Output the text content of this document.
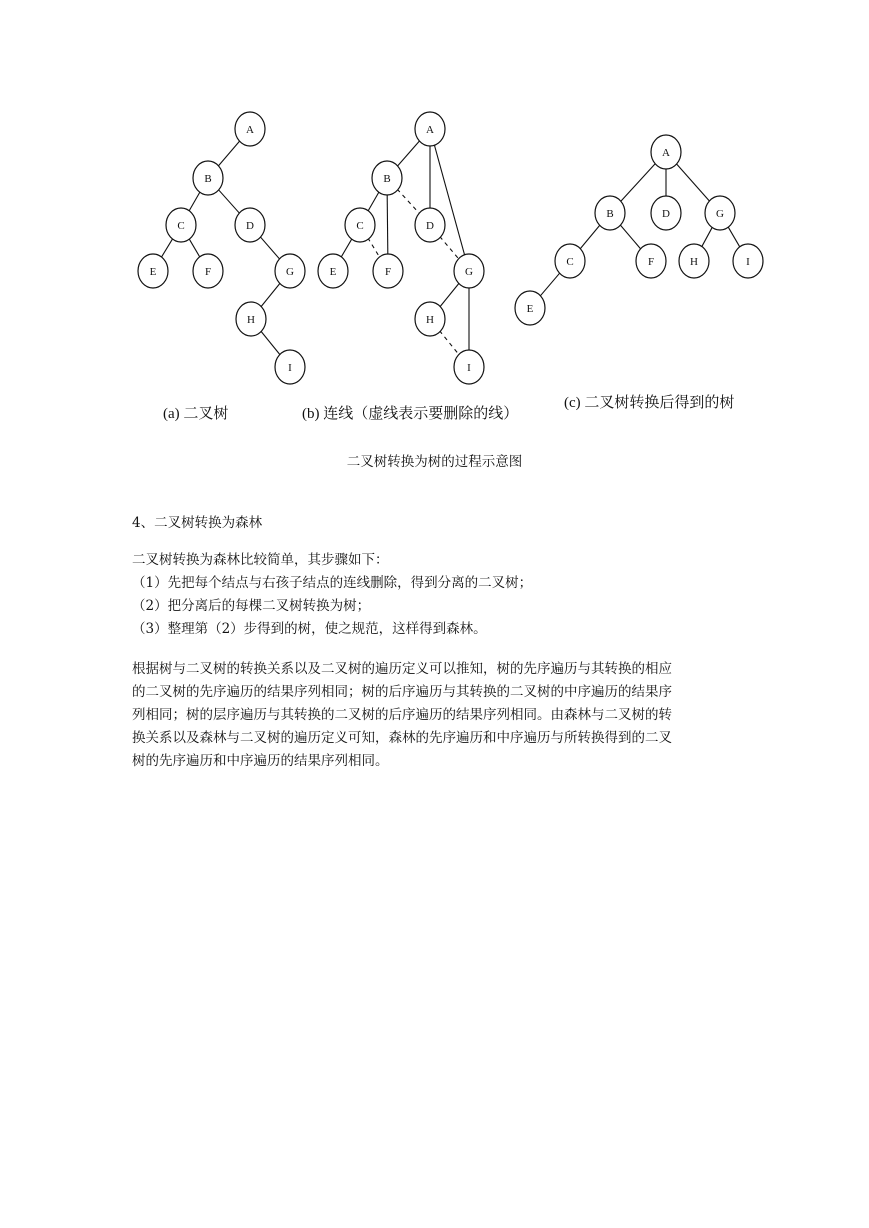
A
B
C	D
E	F	G
H
I
A
B
C	D
E	F	G
H
I
A
B	D	G
C	F	H	I
E
(a) 二叉树	(b) 连线（虚线表示要删除的线）
(c) 二叉树转换后得到的树
二叉树转换为树的过程示意图
4、二叉树转换为森林
二叉树转换为森林比较简单，其步骤如下：
（1）先把每个结点与右孩子结点的连线删除，得到分离的二叉树；
（2）把分离后的每棵二叉树转换为树；
（3）整理第（2）步得到的树，使之规范，这样得到森林。
根据树与二叉树的转换关系以及二叉树的遍历定义可以推知，树的先序遍历与其转换的相应
的二叉树的先序遍历的结果序列相同；树的后序遍历与其转换的二叉树的中序遍历的结果序
列相同；树的层序遍历与其转换的二叉树的后序遍历的结果序列相同。由森林与二叉树的转
换关系以及森林与二叉树的遍历定义可知，森林的先序遍历和中序遍历与所转换得到的二叉
树的先序遍历和中序遍历的结果序列相同。
